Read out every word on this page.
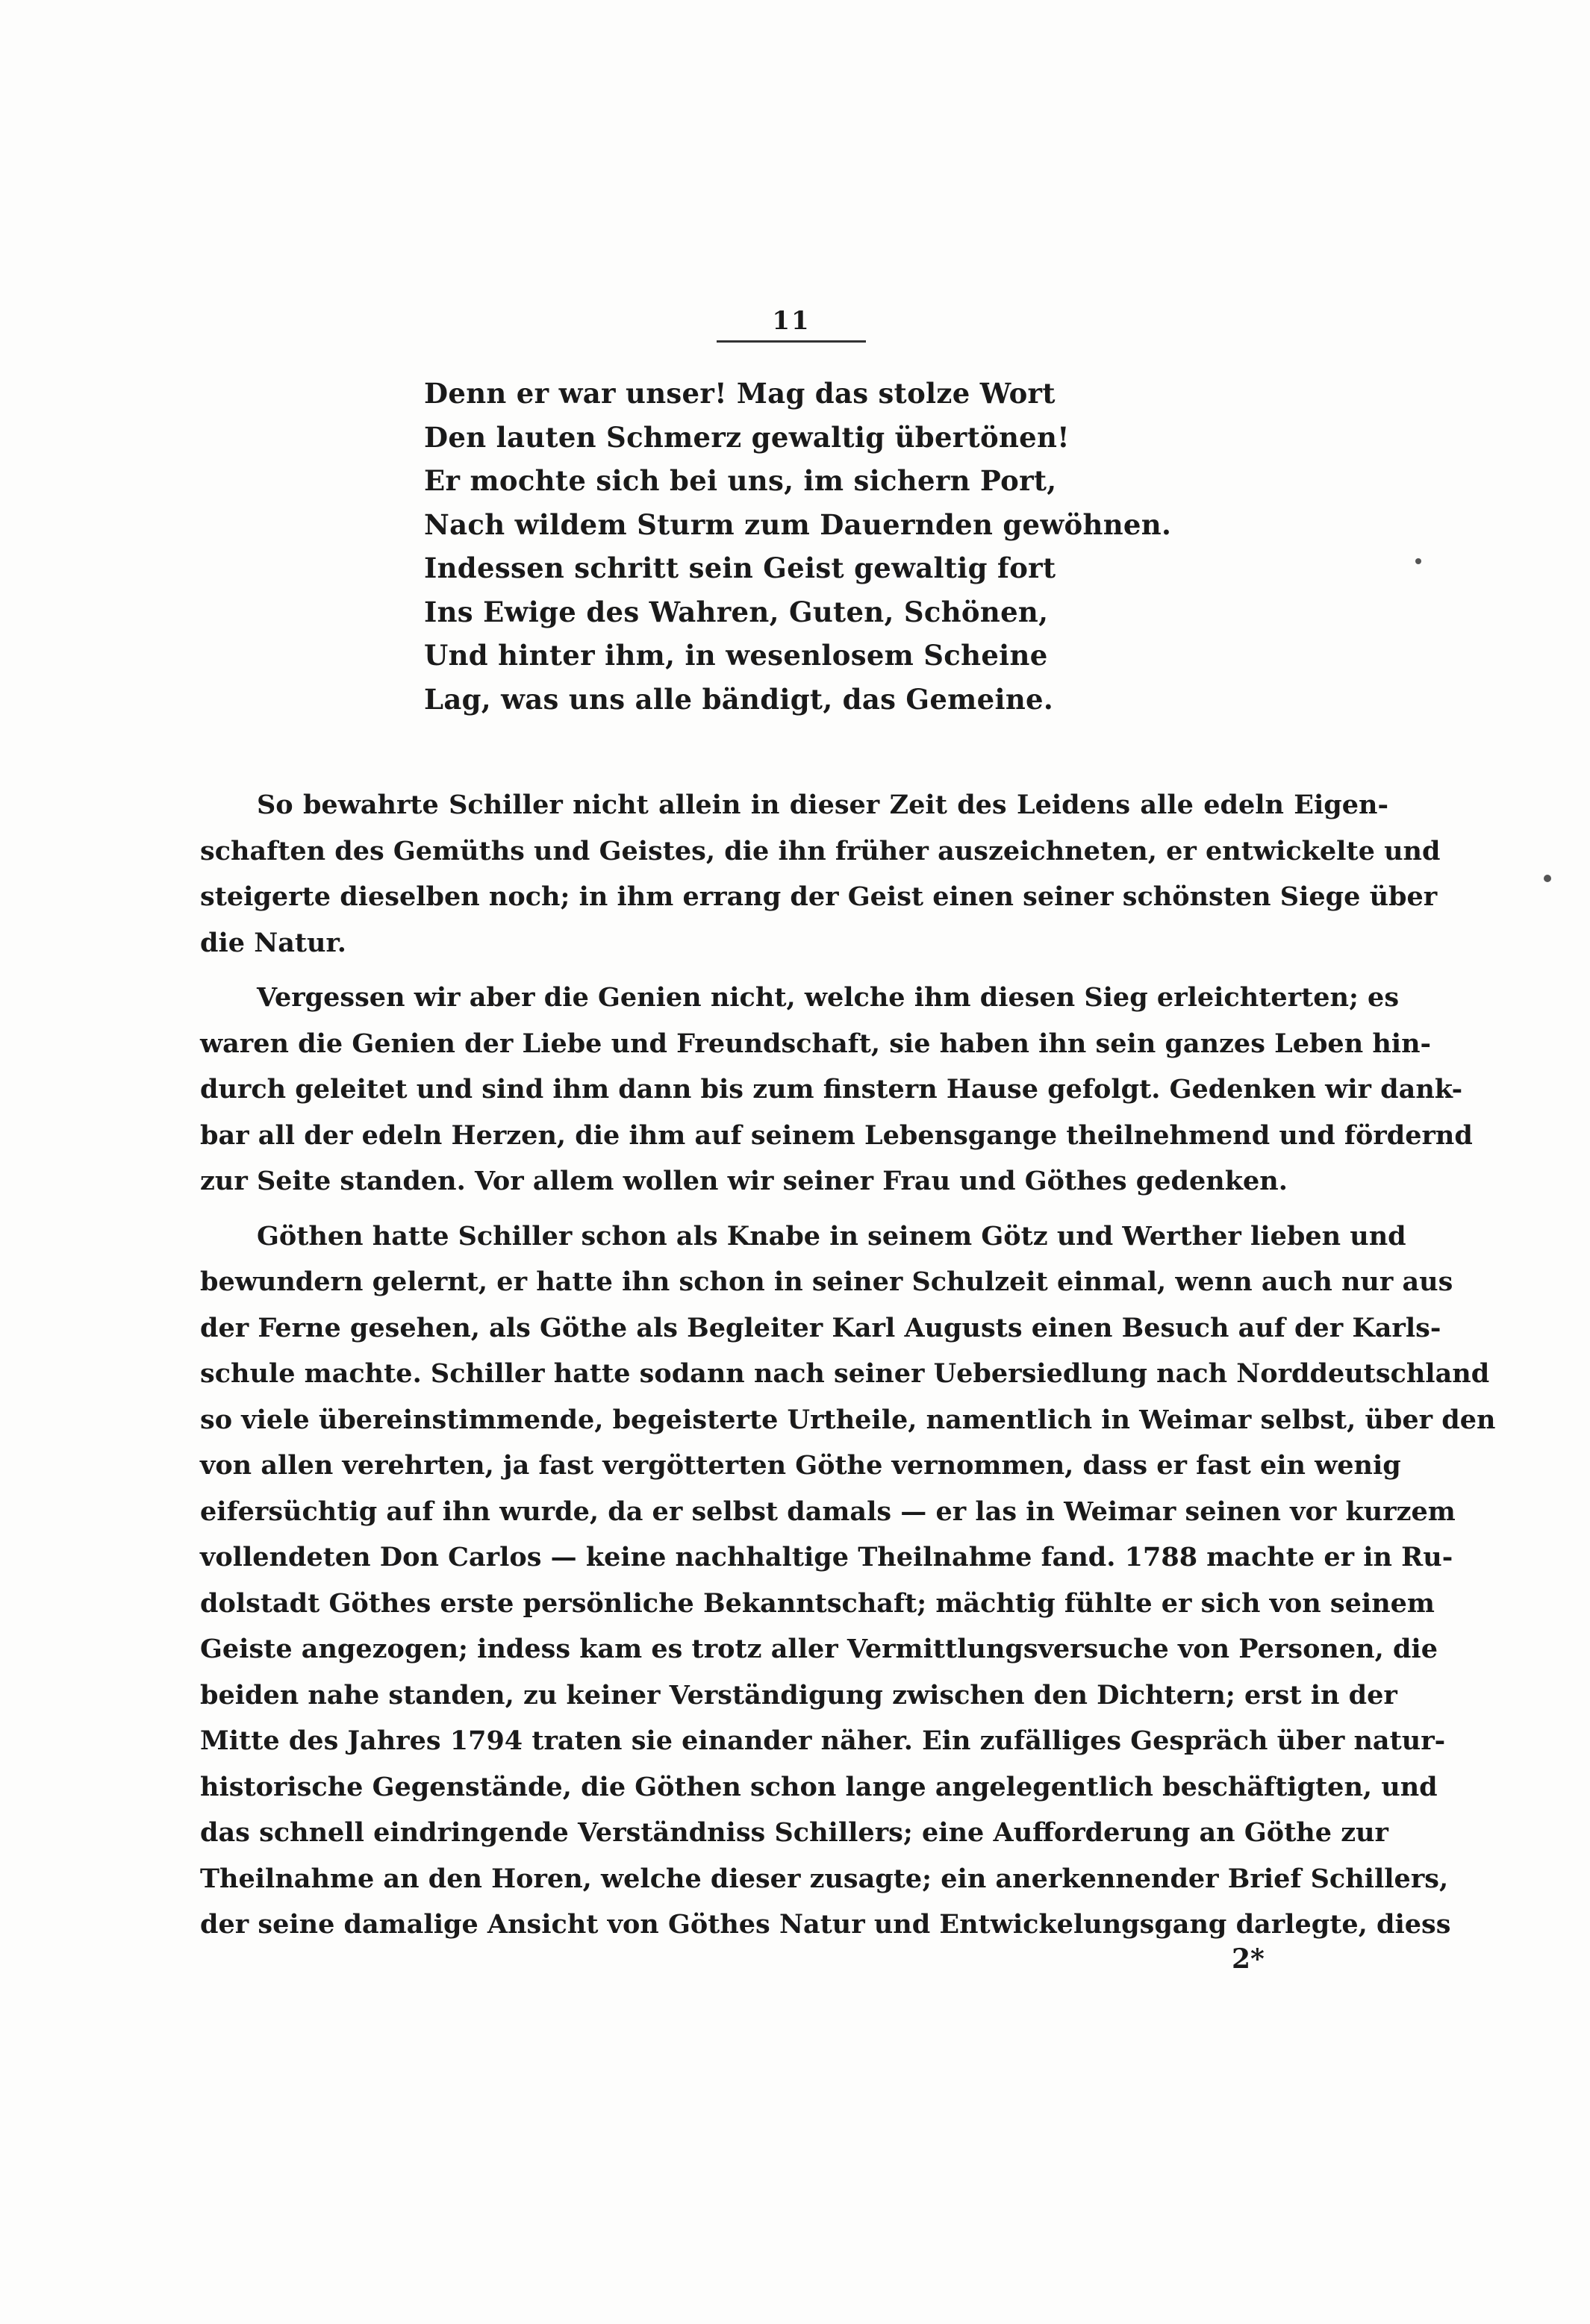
11
Denn er war unser! Mag das stolze Wort
Den lauten Schmerz gewaltig übertönen!
Er mochte sich bei uns, im sichern Port,
Nach wildem Sturm zum Dauernden gewöhnen.
Indessen schritt sein Geist gewaltig fort
Ins Ewige des Wahren, Guten, Schönen,
Und hinter ihm, in wesenlosem Scheine
Lag, was uns alle bändigt, das Gemeine.
So bewahrte Schiller nicht allein in dieser Zeit des Leidens alle edeln Eigen-
schaften des Gemüths und Geistes, die ihn früher auszeichneten, er entwickelte und
steigerte dieselben noch; in ihm errang der Geist einen seiner schönsten Siege über
die Natur.
Vergessen wir aber die Genien nicht, welche ihm diesen Sieg erleichterten; es
waren die Genien der Liebe und Freundschaft, sie haben ihn sein ganzes Leben hin-
durch geleitet und sind ihm dann bis zum finstern Hause gefolgt. Gedenken wir dank-
bar all der edeln Herzen, die ihm auf seinem Lebensgange theilnehmend und fördernd
zur Seite standen. Vor allem wollen wir seiner Frau und Göthes gedenken.
Göthen hatte Schiller schon als Knabe in seinem Götz und Werther lieben und
bewundern gelernt, er hatte ihn schon in seiner Schulzeit einmal, wenn auch nur aus
der Ferne gesehen, als Göthe als Begleiter Karl Augusts einen Besuch auf der Karls-
schule machte. Schiller hatte sodann nach seiner Uebersiedlung nach Norddeutschland
so viele übereinstimmende, begeisterte Urtheile, namentlich in Weimar selbst, über den
von allen verehrten, ja fast vergötterten Göthe vernommen, dass er fast ein wenig
eifersüchtig auf ihn wurde, da er selbst damals — er las in Weimar seinen vor kurzem
vollendeten Don Carlos — keine nachhaltige Theilnahme fand. 1788 machte er in Ru-
dolstadt Göthes erste persönliche Bekanntschaft; mächtig fühlte er sich von seinem
Geiste angezogen; indess kam es trotz aller Vermittlungsversuche von Personen, die
beiden nahe standen, zu keiner Verständigung zwischen den Dichtern; erst in der
Mitte des Jahres 1794 traten sie einander näher. Ein zufälliges Gespräch über natur-
historische Gegenstände, die Göthen schon lange angelegentlich beschäftigten, und
das schnell eindringende Verständniss Schillers; eine Aufforderung an Göthe zur
Theilnahme an den Horen, welche dieser zusagte; ein anerkennender Brief Schillers,
der seine damalige Ansicht von Göthes Natur und Entwickelungsgang darlegte, diess
2*
